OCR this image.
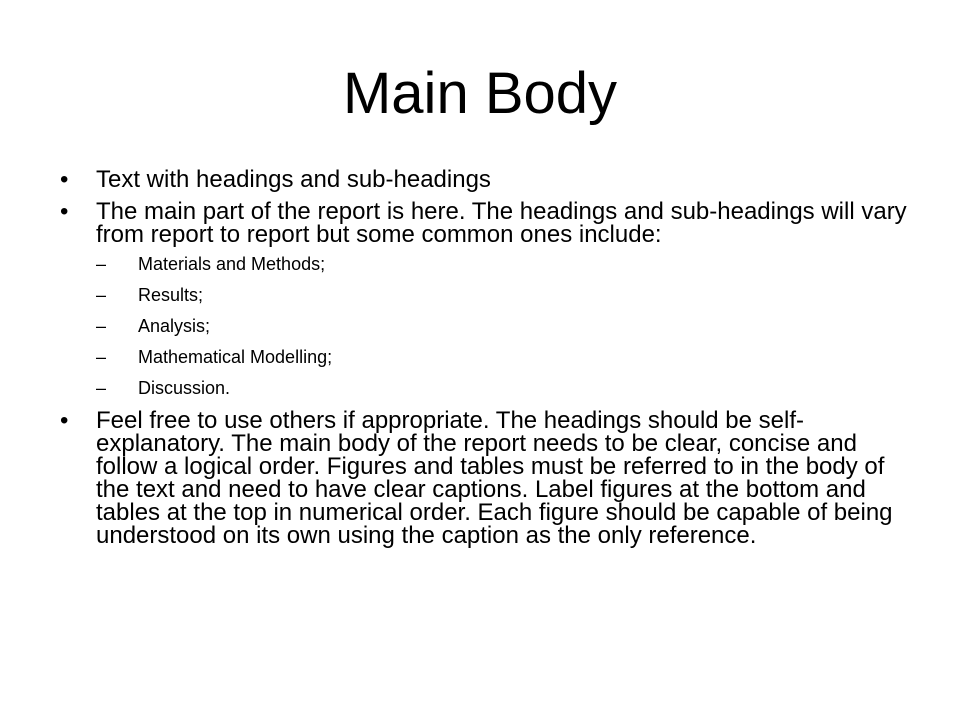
Main Body
• Text with headings and sub-headings
• The main part of the report is here. The headings and sub-headings will vary from report to report but some common ones include:
– Materials and Methods;
– Results;
– Analysis;
– Mathematical Modelling;
– Discussion.
• Feel free to use others if appropriate. The headings should be self-explanatory. The main body of the report needs to be clear, concise and follow a logical order. Figures and tables must be referred to in the body of the text and need to have clear captions. Label figures at the bottom and tables at the top in numerical order. Each figure should be capable of being understood on its own using the caption as the only reference.
